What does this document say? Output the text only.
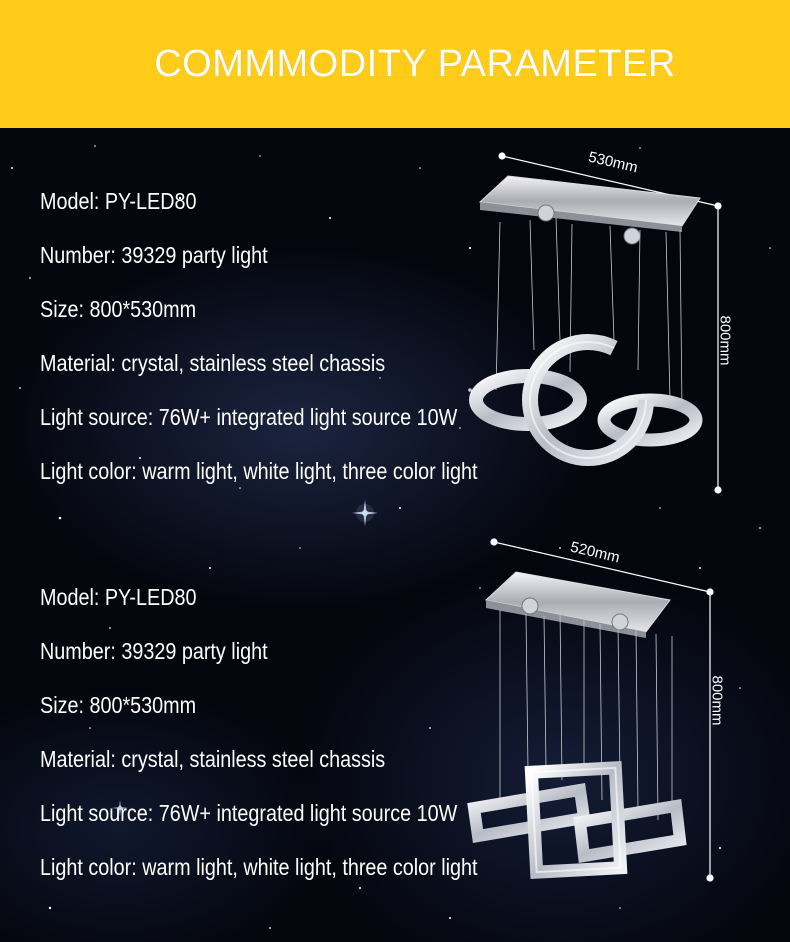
COMMMODITY PARAMETER
Model: PY-LED80
Number: 39329 party light
Size: 800*530mm
Material: crystal, stainless steel chassis
Light source: 76W+ integrated light source 10W
Light color: warm light, white light, three color light
Model: PY-LED80
Number: 39329 party light
Size: 800*530mm
Material: crystal, stainless steel chassis
Light source: 76W+ integrated light source 10W
Light color: warm light, white light, three color light
530mm
800mm
520mm
800mm
